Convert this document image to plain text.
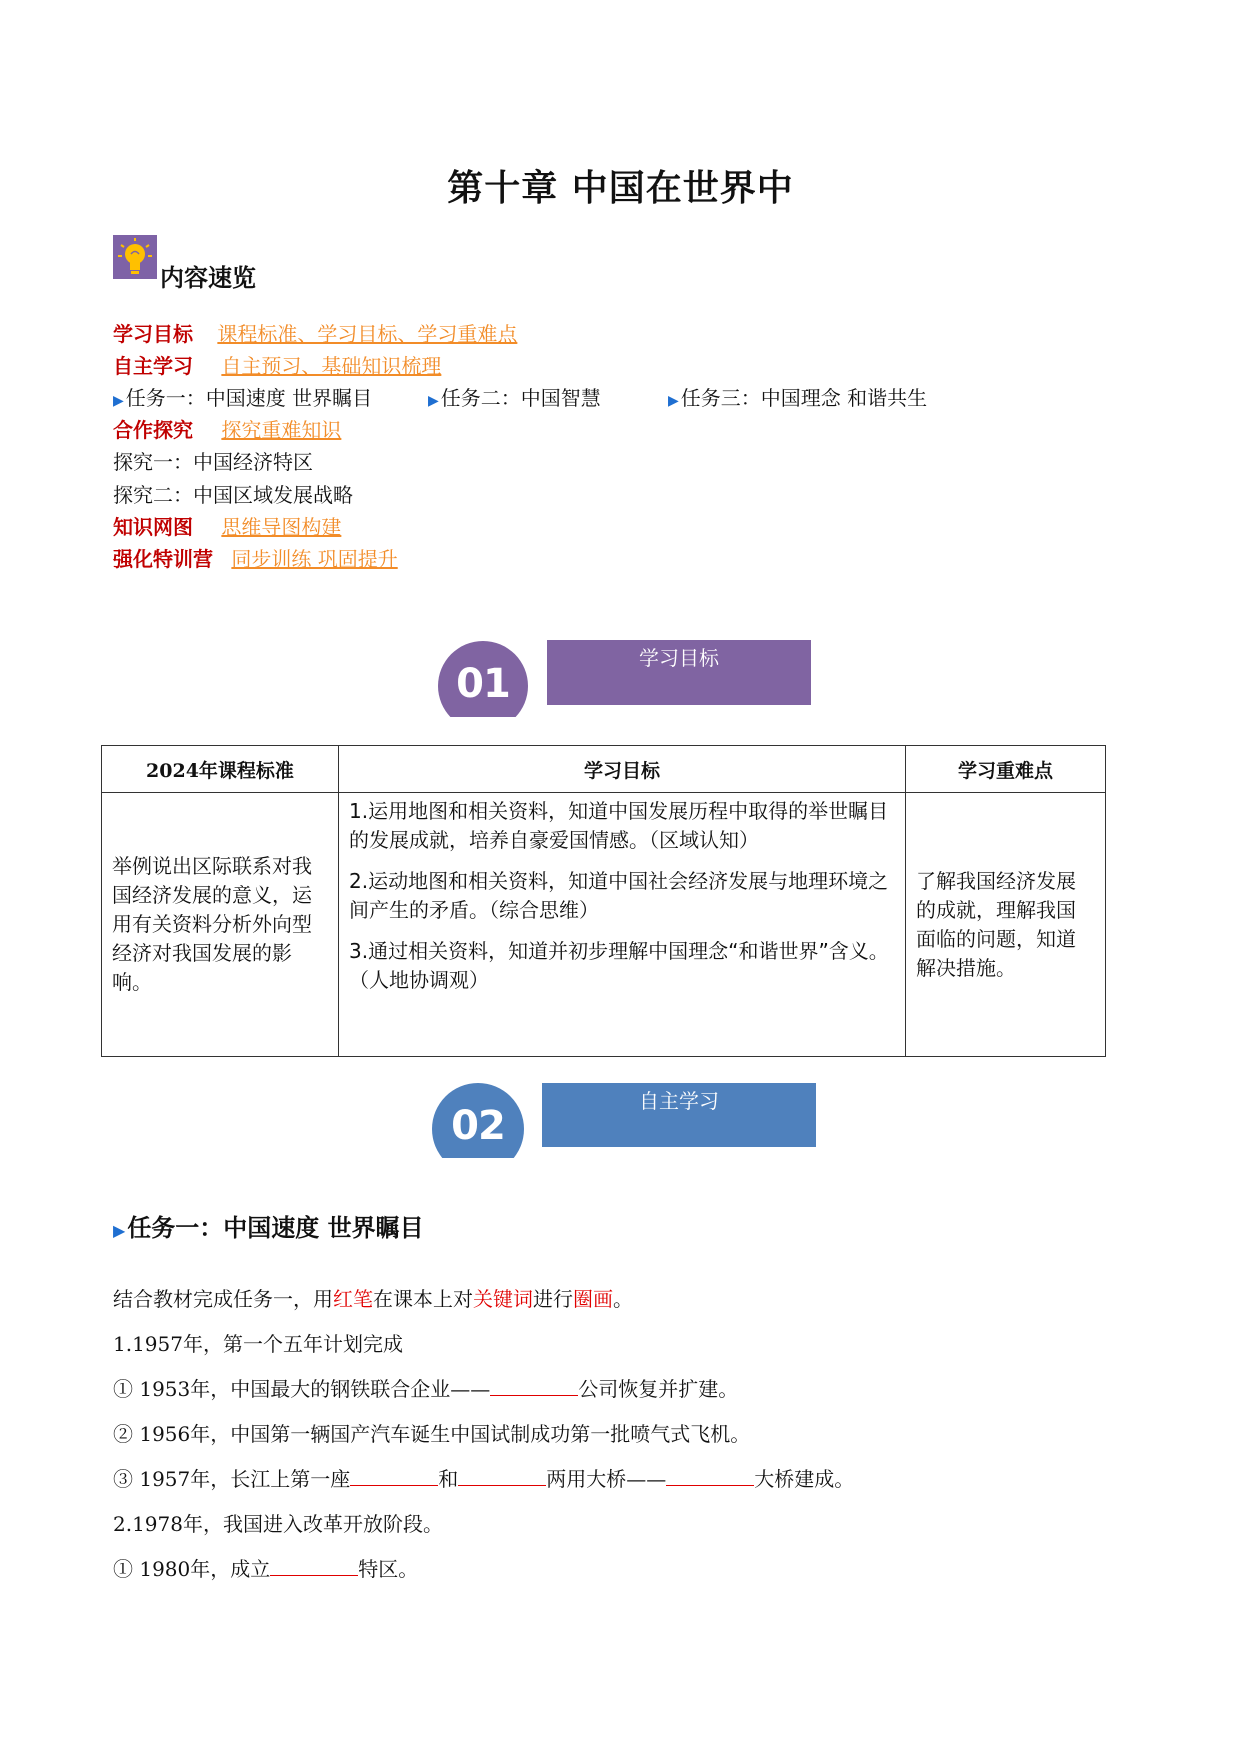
第十章 中国在世界中
内容速览
学习目标 课程标准、学习目标、学习重难点
自主学习 自主预习、基础知识梳理
▶ 任务一：中国速度 世界瞩目	▶ 任务二：中国智慧	▶ 任务三：中国理念 和谐共生
合作探究 探究重难知识
探究一：中国经济特区
探究二：中国区域发展战略
知识网图 思维导图构建
强化特训营 同步训练 巩固提升
01
学习目标
2024年课程标准	学习目标	学习重难点
举例说出区际联系对我国经济发展的意义，运用有关资料分析外向型经济对我国发展的影响。	1.运用地图和相关资料，知道中国发展历程中取得的举世瞩目的发展成就，培养自豪爱国情感。（区域认知）
2.运动地图和相关资料，知道中国社会经济发展与地理环境之间产生的矛盾。（综合思维）
3.通过相关资料，知道并初步理解中国理念“和谐世界”含义。（人地协调观）	了解我国经济发展的成就，理解我国面临的问题，知道解决措施。
02
自主学习
▶任务一：中国速度 世界瞩目
结合教材完成任务一，用红笔在课本上对关键词进行圈画。
1.1957年，第一个五年计划完成
① 1953年，中国最大的钢铁联合企业——	公司恢复并扩建。
② 1956年，中国第一辆国产汽车诞生中国试制成功第一批喷气式飞机。
③ 1957年，长江上第一座	和	两用大桥——	大桥建成。
2.1978年，我国进入改革开放阶段。
① 1980年，成立	特区。
